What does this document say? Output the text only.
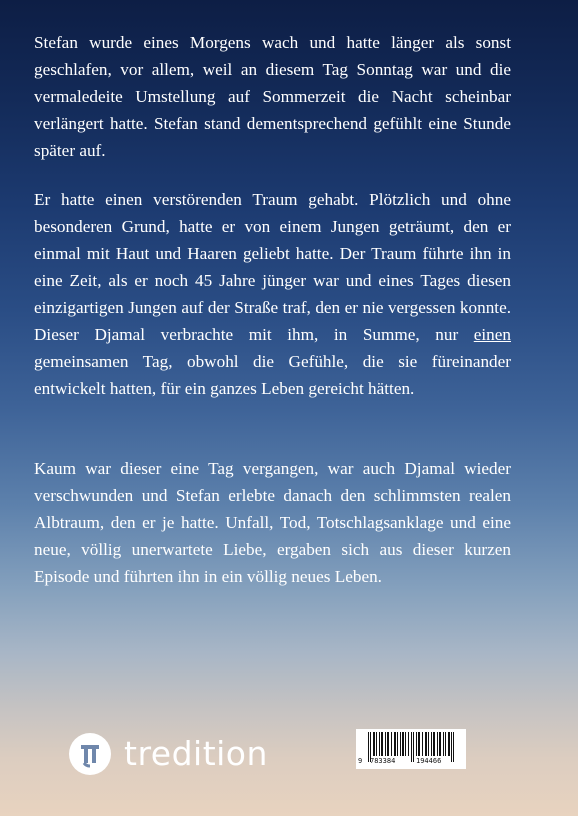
Stefan wurde eines Morgens wach und hatte länger als sonst geschlafen, vor allem, weil an diesem Tag Sonntag war und die vermaledeite Umstellung auf Sommerzeit die Nacht scheinbar verlängert hatte. Stefan stand dementsprechend gefühlt eine Stunde später auf.

Er hatte einen verstörenden Traum gehabt. Plötzlich und ohne besonderen Grund, hatte er von einem Jungen geträumt, den er einmal mit Haut und Haaren geliebt hatte. Der Traum führte ihn in eine Zeit, als er noch 45 Jahre jünger war und eines Tages diesen einzigartigen Jungen auf der Straße traf, den er nie vergessen konnte. Dieser Djamal verbrachte mit ihm, in Summe, nur einen gemeinsamen Tag, obwohl die Gefühle, die sie füreinander entwickelt hatten, für ein ganzes Leben gereicht hätten.

Kaum war dieser eine Tag vergangen, war auch Djamal wieder verschwunden und Stefan erlebte danach den schlimmsten realen Albtraum, den er je hatte. Unfall, Tod, Totschlagsanklage und eine neue, völlig unerwartete Liebe, ergaben sich aus dieser kurzen Episode und führten ihn in ein völlig neues Leben.

tredition	9 783384	194466
